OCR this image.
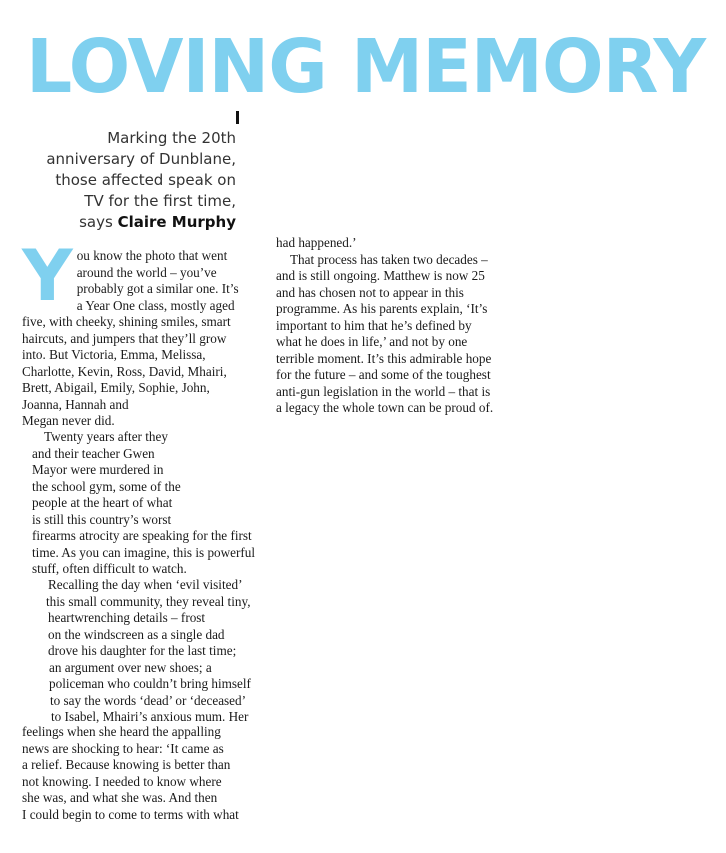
LOVING MEMORY
Marking the 20th
anniversary of Dunblane,
those affected speak on
TV for the first time,
says Claire Murphy
Y ou know the photo that went

around the world – you’ve

probably got a similar one. It’s

a Year One class, mostly aged

five, with cheeky, shining smiles, smart

haircuts, and jumpers that they’ll grow

into. But Victoria, Emma, Melissa,

Charlotte, Kevin, Ross, David, Mhairi,

Brett, Abigail, Emily, Sophie, John,

Joanna, Hannah and

Megan never did.

Twenty years after they

and their teacher Gwen

Mayor were murdered in

the school gym, some of the

people at the heart of what

is still this country’s worst

firearms atrocity are speaking for the first

time. As you can imagine, this is powerful

stuff, often difficult to watch.

Recalling the day when ‘evil visited’

this small community, they reveal tiny,

heartwrenching details – frost

on the windscreen as a single dad

drove his daughter for the last time;

an argument over new shoes; a

policeman who couldn’t bring himself

to say the words ‘dead’ or ‘deceased’

to Isabel, Mhairi’s anxious mum. Her

feelings when she heard the appalling

news are shocking to hear: ‘It came as

a relief. Because knowing is better than

not knowing. I needed to know where

she was, and what she was. And then

I could begin to come to terms with what

had happened.’

That process has taken two decades –

and is still ongoing. Matthew is now 25

and has chosen not to appear in this

programme. As his parents explain, ‘It’s

important to him that he’s defined by

what he does in life,’ and not by one

terrible moment. It’s this admirable hope

for the future – and some of the toughest

anti-gun legislation in the world – that is

a legacy the whole town can be proud of.
